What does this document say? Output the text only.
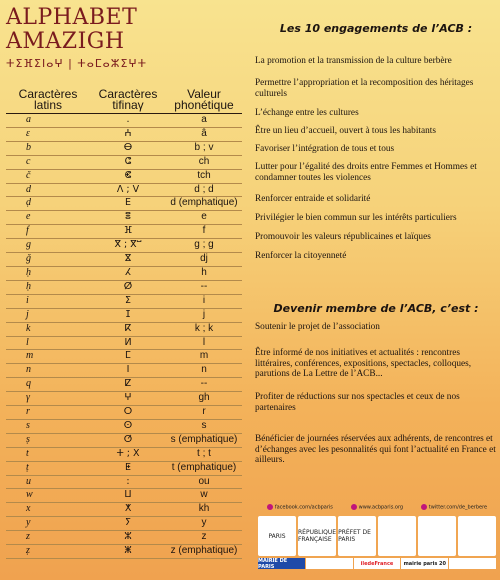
ALPHABET AMAZIGH
ⵜⵉⴼⵉⵏⴰⵖ | ⵜⴰⵎⴰⵣⵉⵖⵜ
Caractères latins	Caractères tifinaγ	Valeur phonétique
a	.	a
ɛ	ⵄ	â
b	ⴱ	b ; v
c	ⵛ	ch
č	ⵞ	tch
d	ⴷ ; ⴸ	d ; d
ḍ	ⴹ	d (emphatique)
e	ⴻ	e
f	ⴼ	f
g	ⴳ ; ⴳⵯ	g ; g
ǧ	ⴵ	dj
ḥ	ⵃ	h
ḥ	ⵁ	--
i	ⵉ	i
j	ⵊ	j
k	ⴽ	k ; k
l	ⵍ	l
m	ⵎ	m
n	ⵏ	n
q	ⵇ	--
γ	ⵖ	gh
r	ⵔ	r
s	ⵙ	s
ṣ	ⵚ	s (emphatique)
t	ⵜ ; ⵝ	t ; t
ṭ	ⵟ	t (emphatique)
u	:	ou
w	ⵡ	w
x	ⵅ	kh
y	ⵢ	y
z	ⵣ	z
ẓ	ⵥ	z (emphatique)

Les 10 engagements de l’ACB :

La promotion et la transmission de la culture berbère

Permettre l’appropriation et la recomposition des héritages culturels

L’échange entre les cultures

Être un lieu d’accueil, ouvert à tous les habitants

Favoriser l’intégration de tous et tous

Lutter pour l’égalité des droits entre Femmes et Hommes et condamner toutes les violences

Renforcer entraide et solidarité

Privilégier le bien commun sur les intérêts particuliers

Promouvoir les valeurs républicaines et laïques

Renforcer la citoyenneté

Devenir membre de l’ACB, c’est :

Soutenir le projet de l’association

Être informé de nos initiatives et actualités : rencontres littéraires, conférences, expositions, spectacles, colloques, parutions de La Lettre de l’ACB...

Profiter de réductions sur nos spectacles et ceux de nos partenaires

Bénéficier de journées réservées aux adhérents, de rencontres et d’échanges avec les pesonnalités qui font l’actualité en France et ailleurs.

facebook.com/acbparis	www.acbparis.org	twitter.com/de_berbere
PARIS	RÉPUBLIQUE FRANÇAISE
PRÉFET DE PARIS
MAIRIE DE PARIS	iledeFrance	mairie paris 20
